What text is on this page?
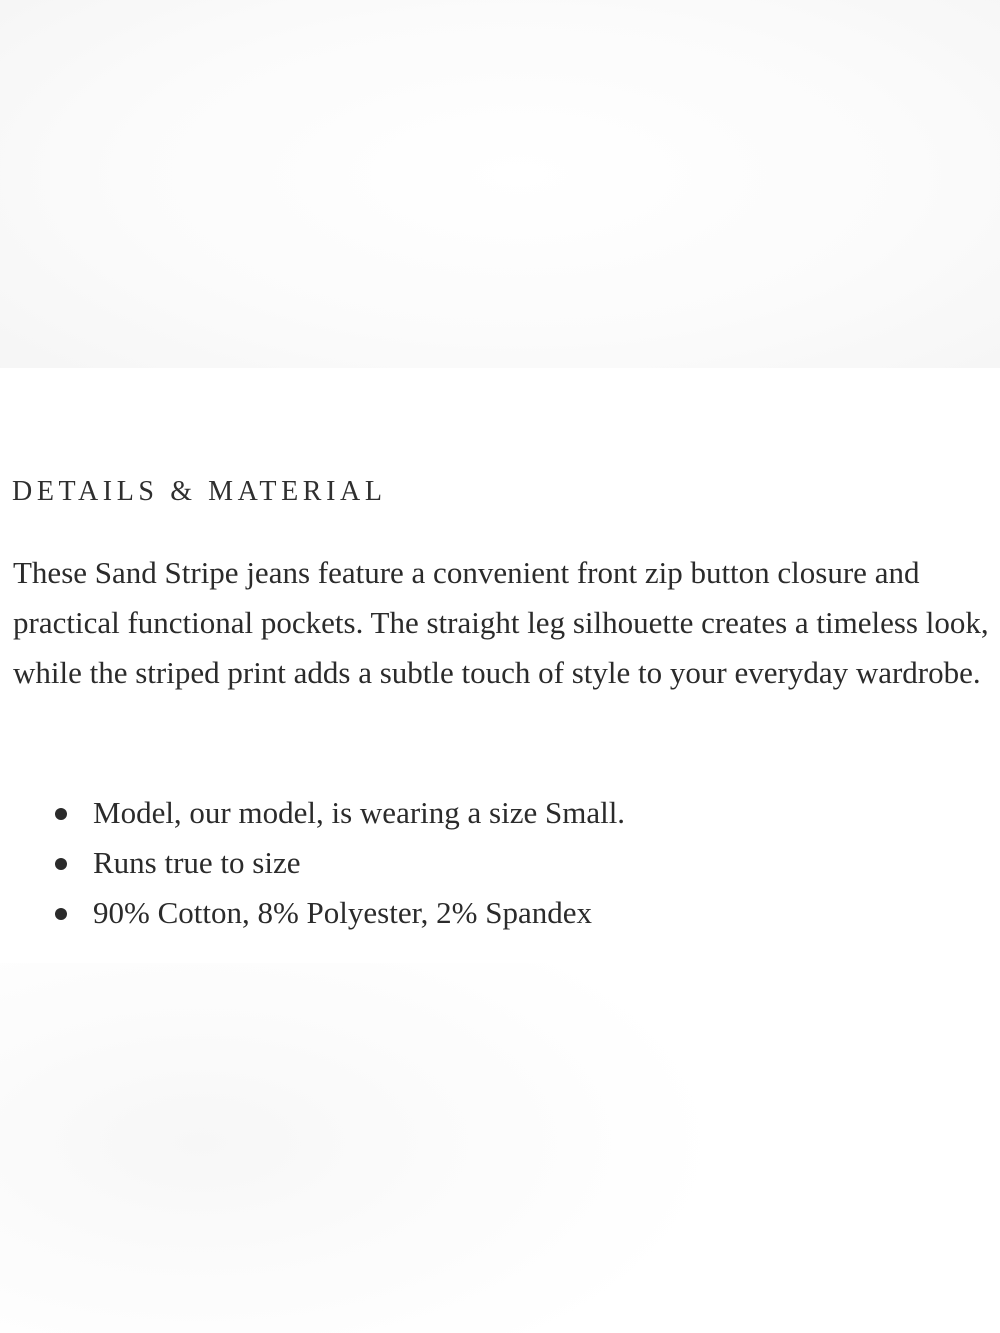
DETAILS & MATERIAL

These Sand Stripe jeans feature a convenient front zip button closure and practical functional pockets. The straight leg silhouette creates a timeless look, while the striped print adds a subtle touch of style to your everyday wardrobe.

Model, our model, is wearing a size Small.
Runs true to size
90% Cotton, 8% Polyester, 2% Spandex
